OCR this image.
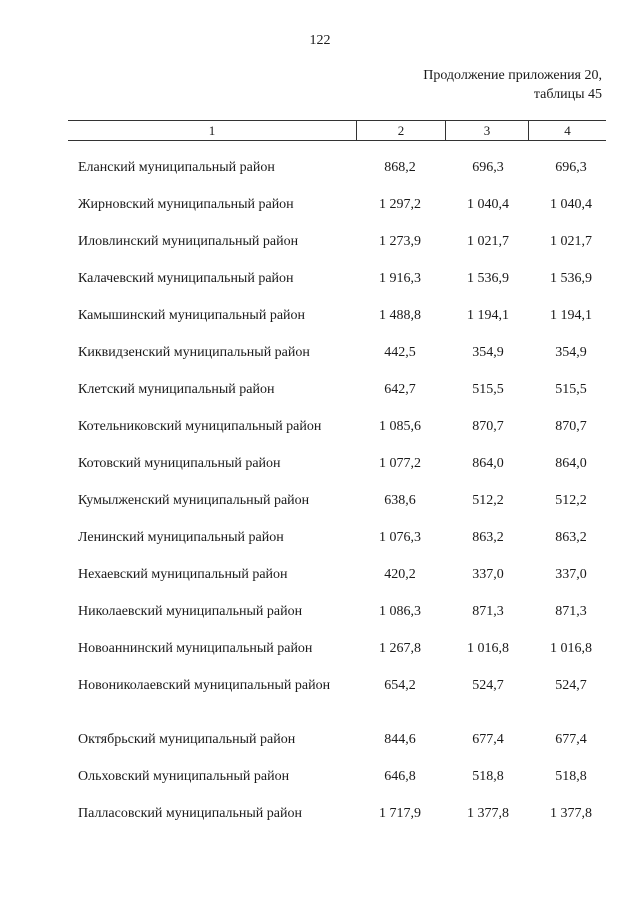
122
Продолжение приложения 20,
таблицы 45
1	2	3	4
Еланский муниципальный район	868,2	696,3	696,3
Жирновский муниципальный район	1 297,2	1 040,4	1 040,4
Иловлинский муниципальный район	1 273,9	1 021,7	1 021,7
Калачевский муниципальный район	1 916,3	1 536,9	1 536,9
Камышинский муниципальный район	1 488,8	1 194,1	1 194,1
Киквидзенский муниципальный район	442,5	354,9	354,9
Клетский муниципальный район	642,7	515,5	515,5
Котельниковский муниципальный район	1 085,6	870,7	870,7
Котовский муниципальный район	1 077,2	864,0	864,0
Кумылженский муниципальный район	638,6	512,2	512,2
Ленинский муниципальный район	1 076,3	863,2	863,2
Нехаевский муниципальный район	420,2	337,0	337,0
Николаевский муниципальный район	1 086,3	871,3	871,3
Новоаннинский муниципальный район	1 267,8	1 016,8	1 016,8
Новониколаевский муниципальный район	654,2	524,7	524,7
Октябрьский муниципальный район	844,6	677,4	677,4
Ольховский муниципальный район	646,8	518,8	518,8
Палласовский муниципальный район	1 717,9	1 377,8	1 377,8
